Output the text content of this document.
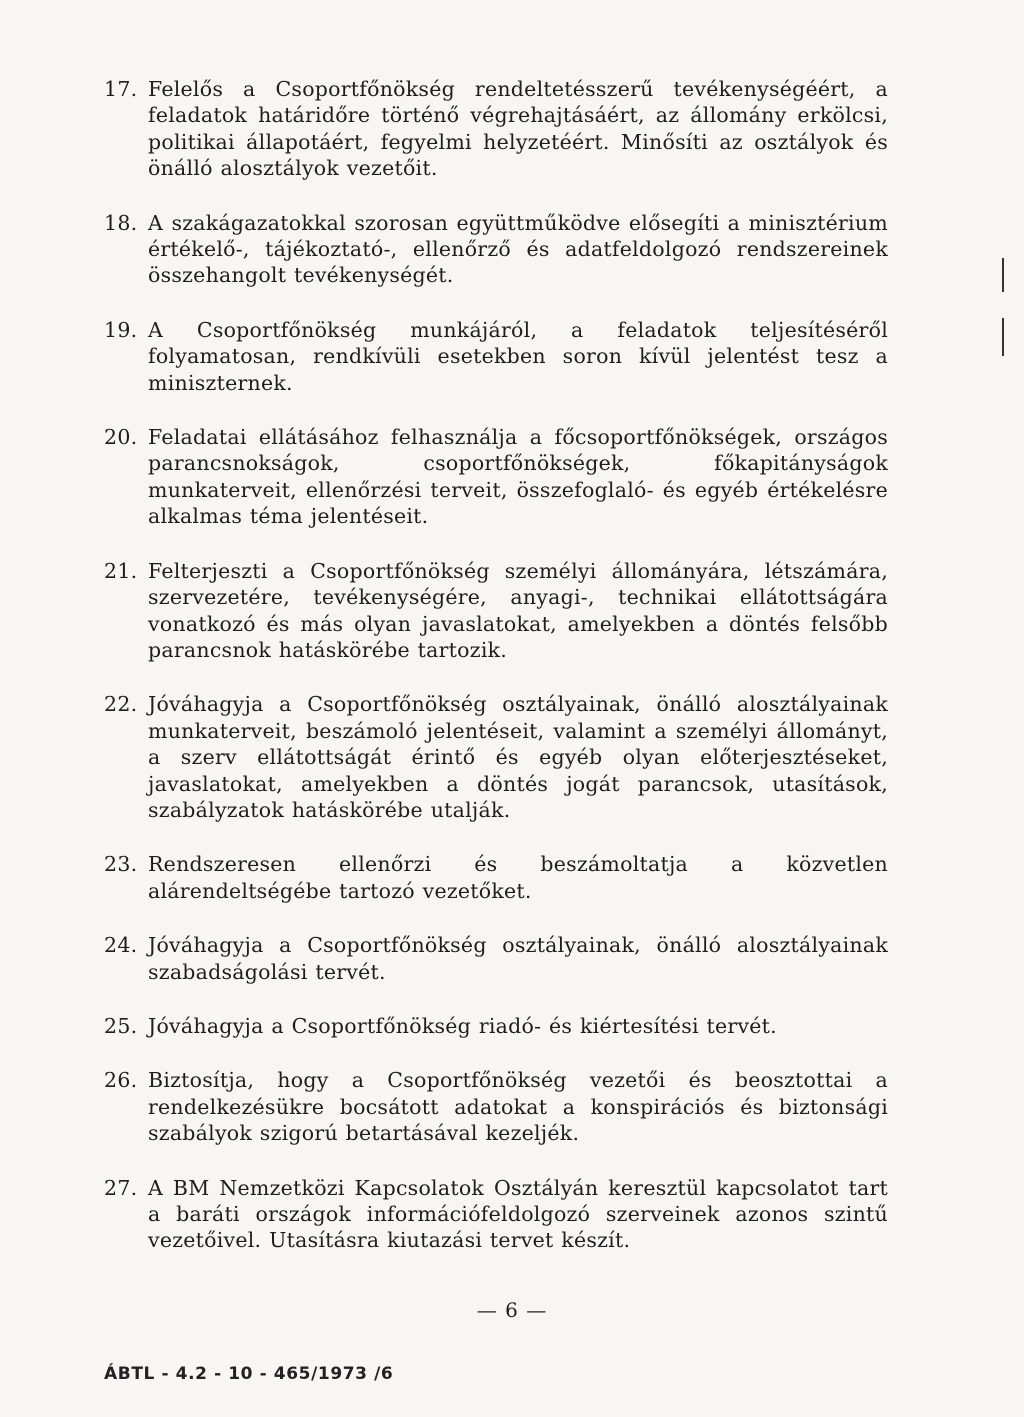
17. Felelős a Csoportfőnökség rendeltetésszerű tevékenységéért, a feladatok határidőre történő végrehajtásáért, az állomány erkölcsi, politikai állapotáért, fegyelmi helyzetéért. Minősíti az osztályok és önálló alosztályok vezetőit.
18. A szakágazatokkal szorosan együttműködve elősegíti a minisztérium értékelő-, tájékoztató-, ellenőrző és adatfeldolgozó rendszereinek összehangolt tevékenységét.
19. A Csoportfőnökség munkájáról, a feladatok teljesítéséről folyamatosan, rendkívüli esetekben soron kívül jelentést tesz a miniszternek.
20. Feladatai ellátásához felhasználja a főcsoportfőnökségek, országos parancsnokságok, csoportfőnökségek, főkapitányságok munkaterveit, ellenőrzési terveit, összefoglaló- és egyéb értékelésre alkalmas téma jelentéseit.
21. Felterjeszti a Csoportfőnökség személyi állományára, létszámára, szervezetére, tevékenységére, anyagi-, technikai ellátottságára vonatkozó és más olyan javaslatokat, amelyekben a döntés felsőbb parancsnok hatáskörébe tartozik.
22. Jóváhagyja a Csoportfőnökség osztályainak, önálló alosztályainak munkaterveit, beszámoló jelentéseit, valamint a személyi állományt, a szerv ellátottságát érintő és egyéb olyan előterjesztéseket, javaslatokat, amelyekben a döntés jogát parancsok, utasítások, szabályzatok hatáskörébe utalják.
23. Rendszeresen ellenőrzi és beszámoltatja a közvetlen alárendeltségébe tartozó vezetőket.
24. Jóváhagyja a Csoportfőnökség osztályainak, önálló alosztályainak szabadságolási tervét.
25. Jóváhagyja a Csoportfőnökség riadó- és kiértesítési tervét.
26. Biztosítja, hogy a Csoportfőnökség vezetői és beosztottai a rendelkezésükre bocsátott adatokat a konspirációs és biztonsági szabályok szigorú betartásával kezeljék.
27. A BM Nemzetközi Kapcsolatok Osztályán keresztül kapcsolatot tart a baráti országok információfeldolgozó szerveinek azonos szintű vezetőivel. Utasításra kiutazási tervet készít.
— 6 —
ÁBTL - 4.2 - 10 - 465/1973 /6
